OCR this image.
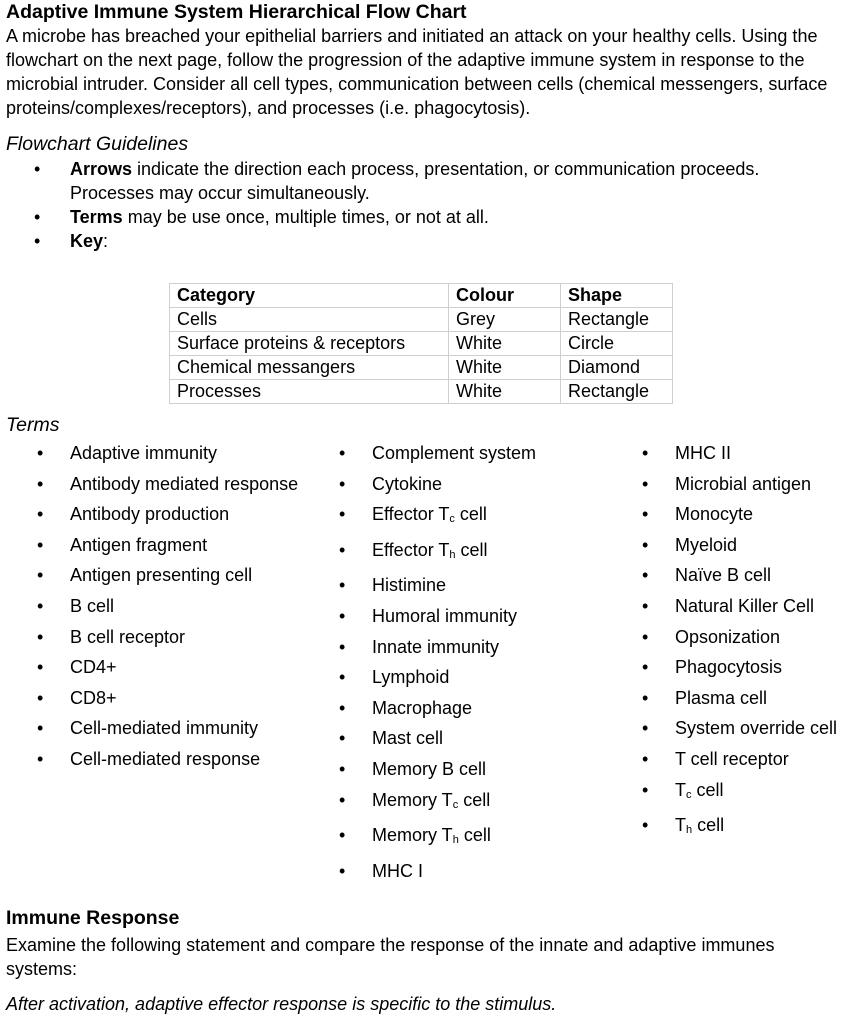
Adaptive Immune System Hierarchical Flow Chart

A microbe has breached your epithelial barriers and initiated an attack on your healthy cells. Using the flowchart on the next page, follow the progression of the adaptive immune system in response to the microbial intruder. Consider all cell types, communication between cells (chemical messengers, surface proteins/complexes/receptors), and processes (i.e. phagocytosis).

Flowchart Guidelines
• Arrows indicate the direction each process, presentation, or communication proceeds. Processes may occur simultaneously.
• Terms may be use once, multiple times, or not at all.
• Key:
Category	Colour	Shape
Cells	Grey	Rectangle
Surface proteins & receptors	White	Circle
Chemical messangers	White	Diamond
Processes	White	Rectangle
Terms
• Adaptive immunity
• Antibody mediated response
• Antibody production
• Antigen fragment
• Antigen presenting cell
• B cell
• B cell receptor
• CD4+
• CD8+
• Cell-mediated immunity
• Cell-mediated response
• Complement system
• Cytokine
• Effector Tc cell
• Effector Th cell
• Histimine
• Humoral immunity
• Innate immunity
• Lymphoid
• Macrophage
• Mast cell
• Memory B cell
• Memory Tc cell
• Memory Th cell
• MHC I
• MHC II
• Microbial antigen
• Monocyte
• Myeloid
• Naïve B cell
• Natural Killer Cell
• Opsonization
• Phagocytosis
• Plasma cell
• System override cell
• T cell receptor
• Tc cell
• Th cell
Immune Response
Examine the following statement and compare the response of the innate and adaptive immunes systems:
After activation, adaptive effector response is specific to the stimulus.
